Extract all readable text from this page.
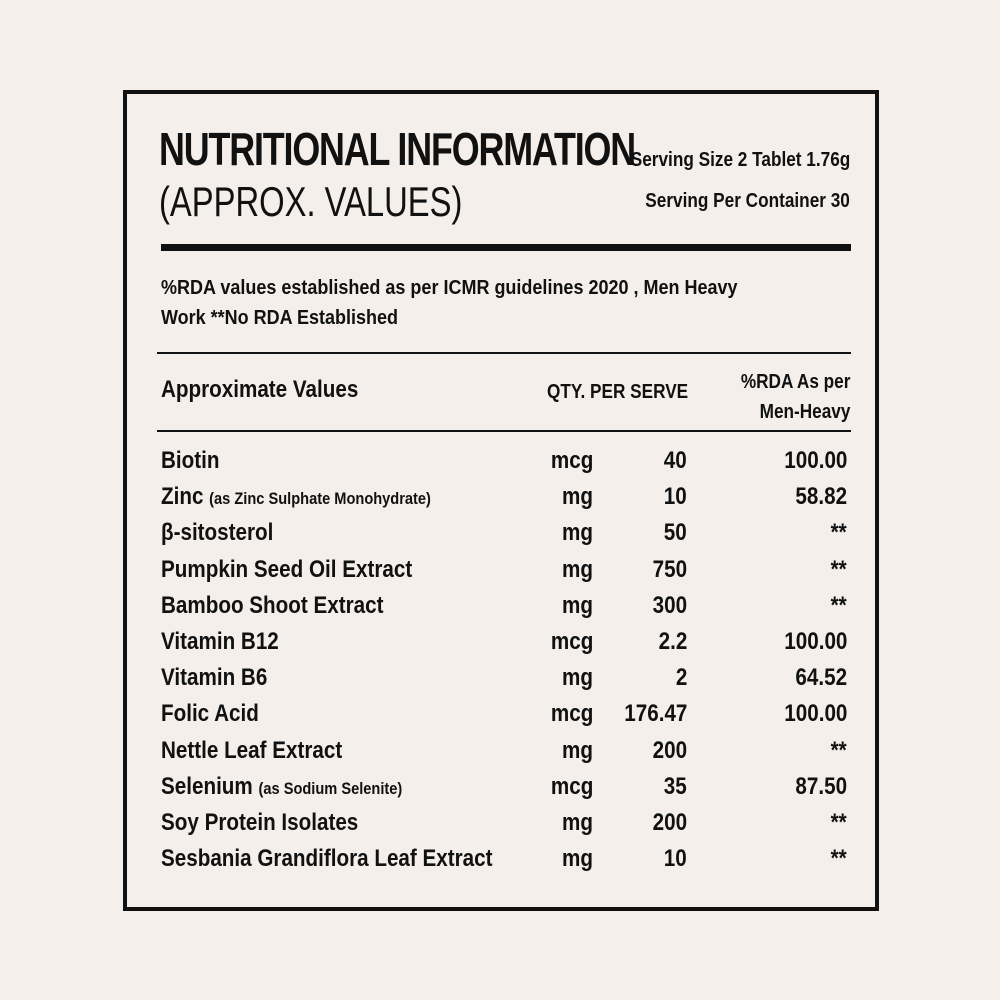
NUTRITIONAL INFORMATION
(APPROX. VALUES)
Serving Size 2 Tablet 1.76g
Serving Per Container 30
%RDA values established as per ICMR guidelines 2020 , Men Heavy Work **No RDA Established
Approximate Values	QTY. PER SERVE	%RDA As per
Men-Heavy
Biotin	mcg	40	100.00
Zinc (as Zinc Sulphate Monohydrate)	mg	10	58.82
β-sitosterol	mg	50	**
Pumpkin Seed Oil Extract	mg 750	**
Bamboo Shoot Extract	mg 300	**
Vitamin B12	mcg	2.2	100.00
Vitamin B6	mg	2	64.52
Folic Acid	mcg 176.47	100.00
Nettle Leaf Extract	mg 200	**
Selenium (as Sodium Selenite)	mcg	35	87.50
Soy Protein Isolates	mg 200	**
Sesbania Grandiflora Leaf Extract	mg	10	**
